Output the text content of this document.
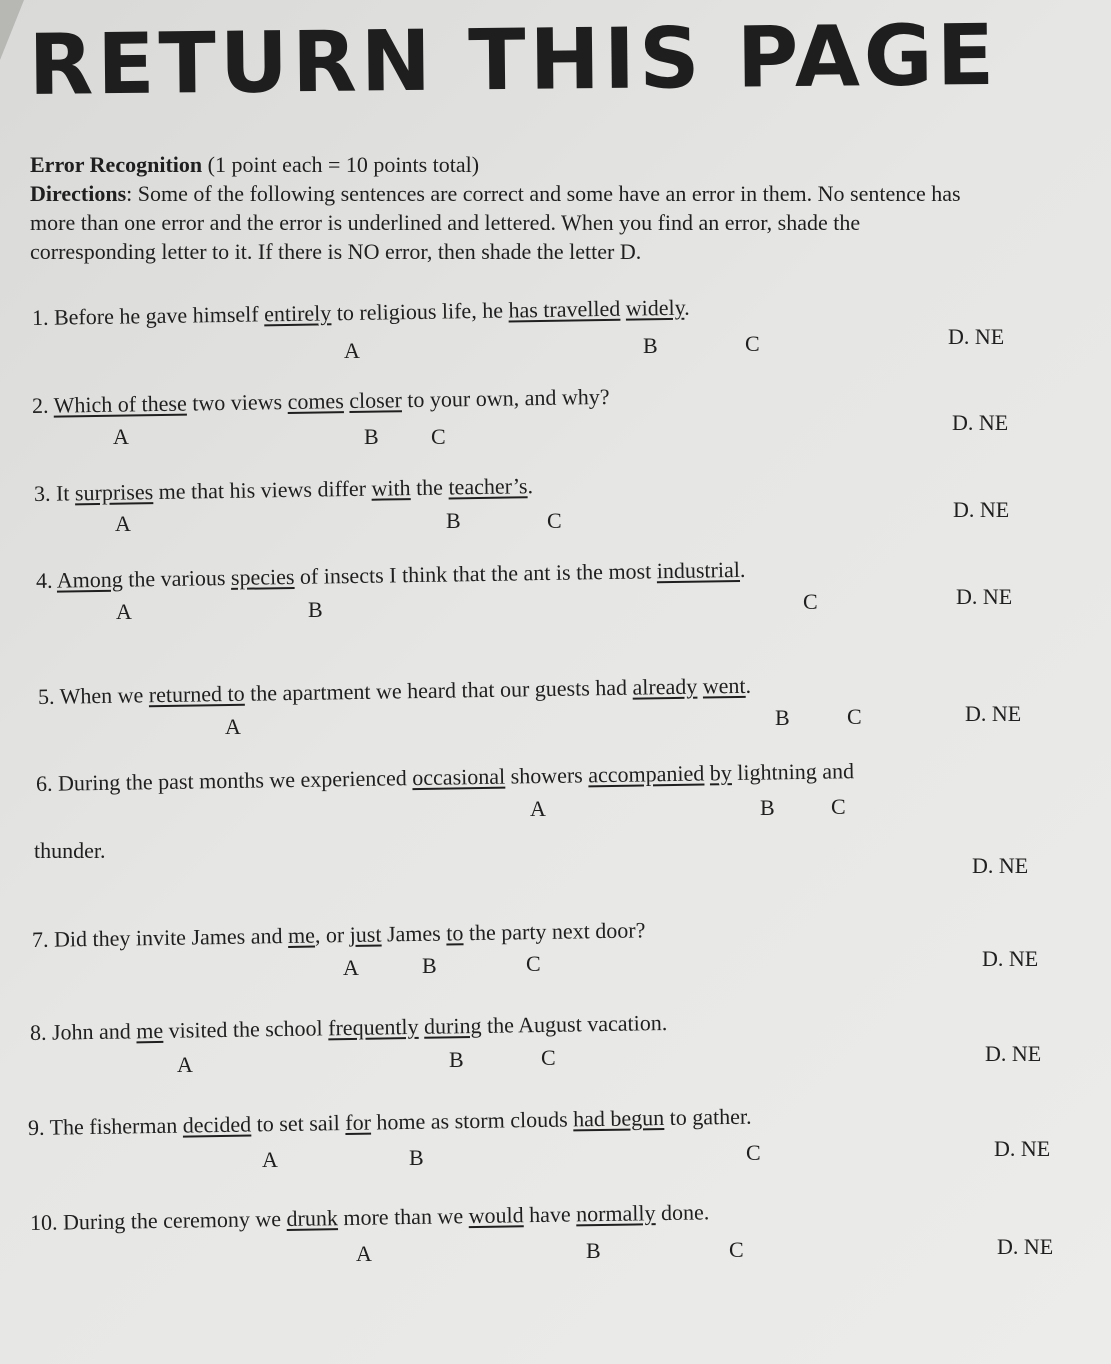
RETURN THIS PAGE
Error Recognition (1 point each = 10 points total)
Directions: Some of the following sentences are correct and some have an error in them. No sentence has more than one error and the error is underlined and lettered. When you find an error, shade the corresponding letter to it. If there is NO error, then shade the letter D.
1. Before he gave himself entirely to religious life, he has travelled widely.
A	B	C	D. NE
2. Which of these two views comes closer to your own, and why?
A	B C
D. NE
3. It surprises me that his views differ with the teacher’s.
A	B	C	D. NE
4. Among the various species of insects I think that the ant is the most industrial.
A	B	C	D. NE
5. When we returned to the apartment we heard that our guests had already went.
A	B	C	D. NE
6. During the past months we experienced occasional showers accompanied by lightning and
A	B	C
thunder.
D. NE
7. Did they invite James and me, or just James to the party next door?
A	B	C	D. NE
8. John and me visited the school frequently during the August vacation.
A	B	C	D. NE
9. The fisherman decided to set sail for home as storm clouds had begun to gather.
A	B	C	D. NE
10. During the ceremony we drunk more than we would have normally done.
A	B	C	D. NE
